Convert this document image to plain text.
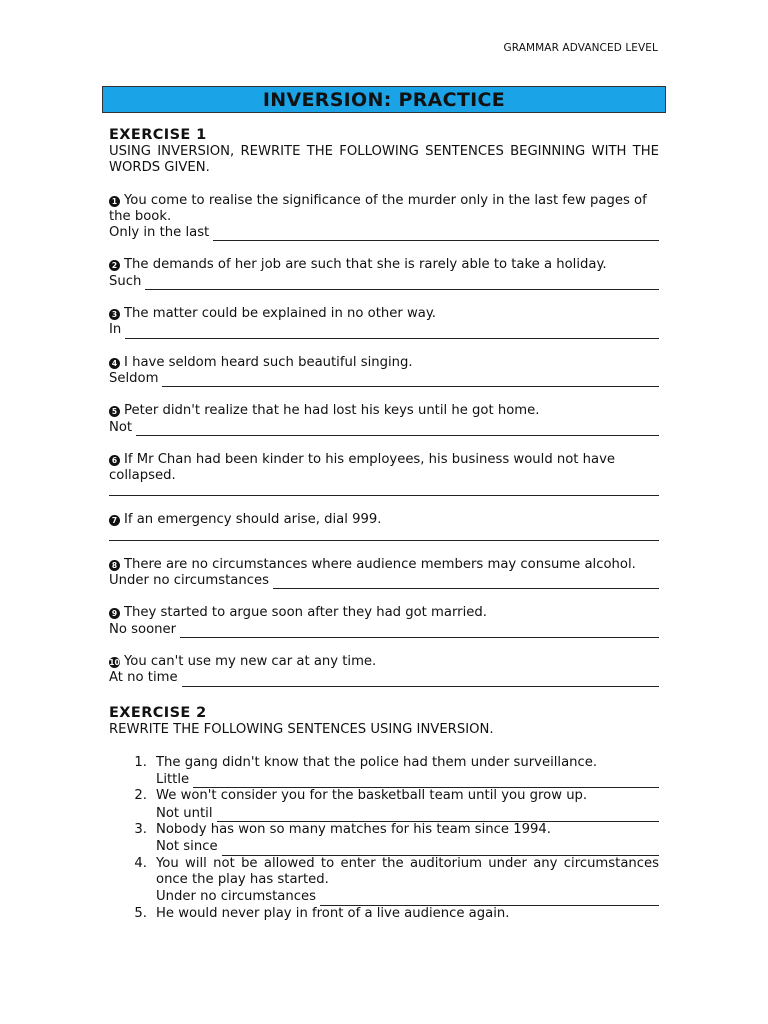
GRAMMAR ADVANCED LEVEL
INVERSION: PRACTICE
EXERCISE 1
USING INVERSION, REWRITE THE FOLLOWING SENTENCES BEGINNING WITH THE WORDS GIVEN.
1 You come to realise the significance of the murder only in the last few pages of the book.
Only in the last
2 The demands of her job are such that she is rarely able to take a holiday.
Such
3 The matter could be explained in no other way.
In
4 I have seldom heard such beautiful singing.
Seldom
5 Peter didn't realize that he had lost his keys until he got home.
Not
6 If Mr Chan had been kinder to his employees, his business would not have collapsed.
7 If an emergency should arise, dial 999.
8 There are no circumstances where audience members may consume alcohol.
Under no circumstances
9 They started to argue soon after they had got married.
No sooner
10 You can't use my new car at any time.
At no time
EXERCISE 2
REWRITE THE FOLLOWING SENTENCES USING INVERSION.
1. The gang didn't know that the police had them under surveillance.
Little
2. We won't consider you for the basketball team until you grow up.
Not until
3. Nobody has won so many matches for his team since 1994.
Not since
4. You will not be allowed to enter the auditorium under any circumstances once the play has started.
Under no circumstances
5. He would never play in front of a live audience again.
